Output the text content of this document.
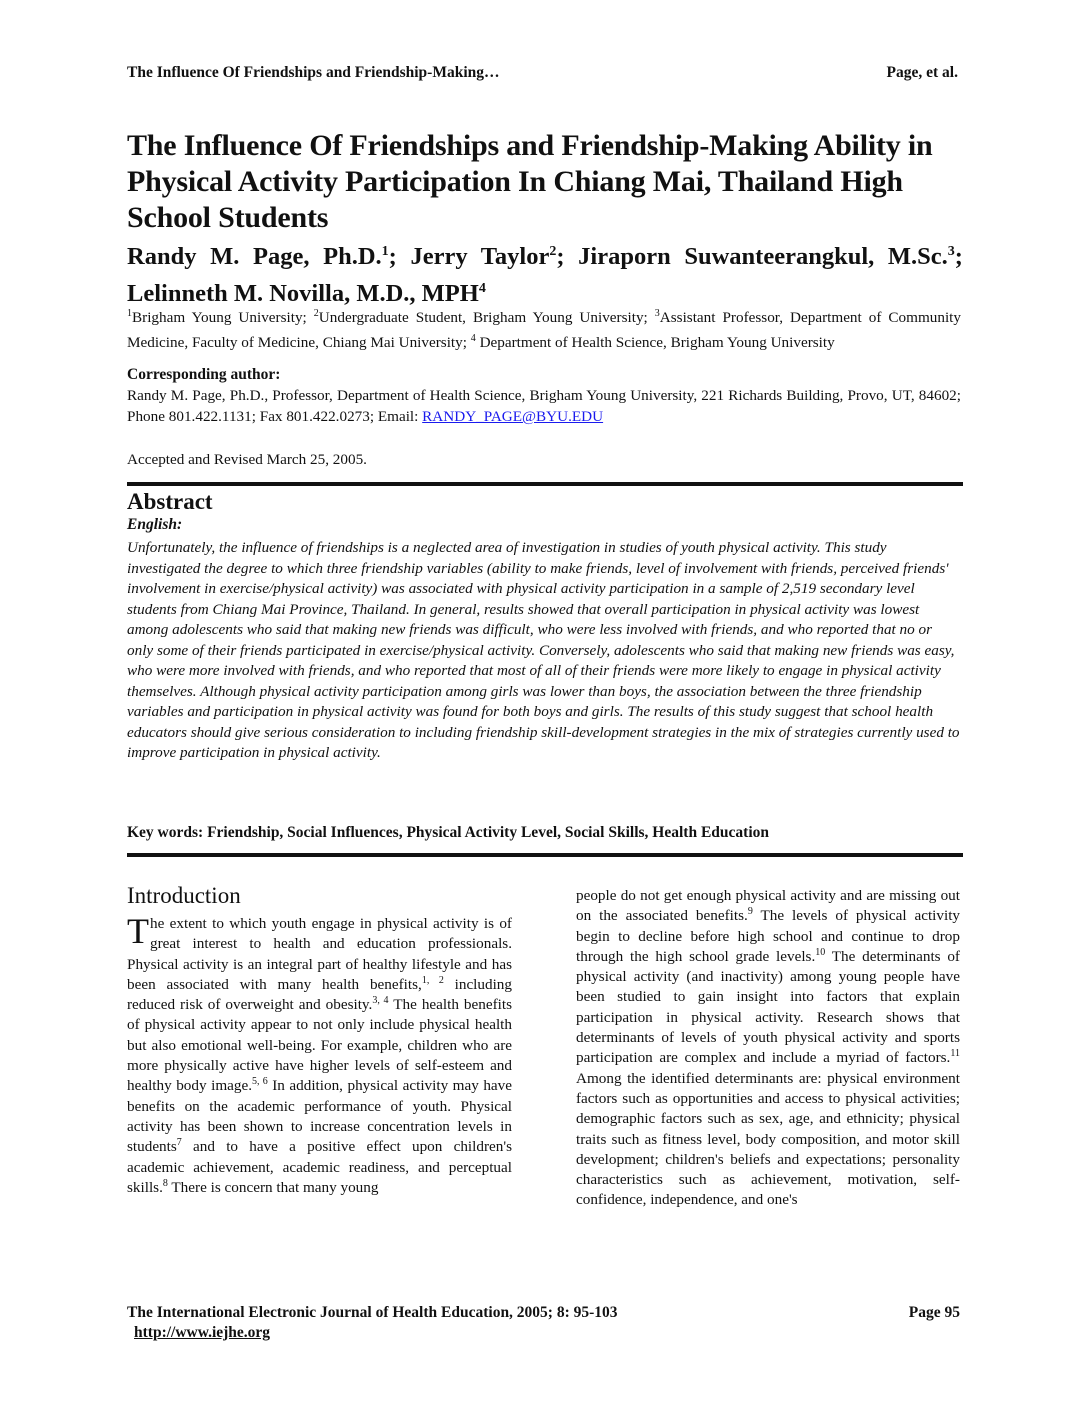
The Influence Of Friendships and Friendship-Making…	Page, et al.
The Influence Of Friendships and Friendship-Making Ability in Physical Activity Participation In Chiang Mai, Thailand High School Students
Randy M. Page, Ph.D.$^1$; Jerry Taylor$^2$; Jiraporn Suwanteerangkul, M.Sc.$^3$; Lelinneth M. Novilla, M.D., MPH$^4$
$^1$Brigham Young University; $^2$Undergraduate Student, Brigham Young University; $^3$Assistant Professor, Department of Community Medicine, Faculty of Medicine, Chiang Mai University; $^4$ Department of Health Science, Brigham Young University
Corresponding author:
Randy M. Page, Ph.D., Professor, Department of Health Science, Brigham Young University, 221 Richards Building, Provo, UT, 84602; Phone 801.422.1131; Fax 801.422.0273; Email: RANDY_PAGE@BYU.EDU
Accepted and Revised March 25, 2005.
Abstract
English:

Unfortunately, the influence of friendships is a neglected area of investigation in studies of youth physical activity. This study investigated the degree to which three friendship variables (ability to make friends, level of involvement with friends, perceived friends' involvement in exercise/physical activity) was associated with physical activity participation in a sample of 2,519 secondary level students from Chiang Mai Province, Thailand. In general, results showed that overall participation in physical activity was lowest among adolescents who said that making new friends was difficult, who were less involved with friends, and who reported that no or only some of their friends participated in exercise/physical activity. Conversely, adolescents who said that making new friends was easy, who were more involved with friends, and who reported that most of all of their friends were more likely to engage in physical activity themselves. Although physical activity participation among girls was lower than boys, the association between the three friendship variables and participation in physical activity was found for both boys and girls. The results of this study suggest that school health educators should give serious consideration to including friendship skill-development strategies in the mix of strategies currently used to improve participation in physical activity.

Key words: Friendship, Social Influences, Physical Activity Level, Social Skills, Health Education
Introduction
T he extent to which youth engage in physical activity is of great interest to health and education professionals. Physical activity is an integral part of healthy lifestyle and has been associated with many health benefits,$^{1, 2}$ including reduced risk of overweight and obesity.$^{3, 4}$ The health benefits of physical activity appear to not only include physical health but also emotional well-being. For example, children who are more physically active have higher levels of self-esteem and healthy body image.$^{5, 6}$ In addition, physical activity may have benefits on the academic performance of youth. Physical activity has been shown to increase concentration levels in students$^7$ and to have a positive effect upon children's academic achievement, academic readiness, and perceptual skills.$^8$ There is concern that many young
people do not get enough physical activity and are missing out on the associated benefits.$^9$ The levels of physical activity begin to decline before high school and continue to drop through the high school grade levels.$^{10}$ The determinants of physical activity (and inactivity) among young people have been studied to gain insight into factors that explain participation in physical activity. Research shows that determinants of levels of youth physical activity and sports participation are complex and include a myriad of factors.$^{11}$ Among the identified determinants are: physical environment factors such as opportunities and access to physical activities; demographic factors such as sex, age, and ethnicity; physical traits such as fitness level, body composition, and motor skill development; children's beliefs and expectations; personality characteristics such as achievement, motivation, self-confidence, independence, and one's
The International Electronic Journal of Health Education, 2005; 8: 95-103	Page 95
http://www.iejhe.org
